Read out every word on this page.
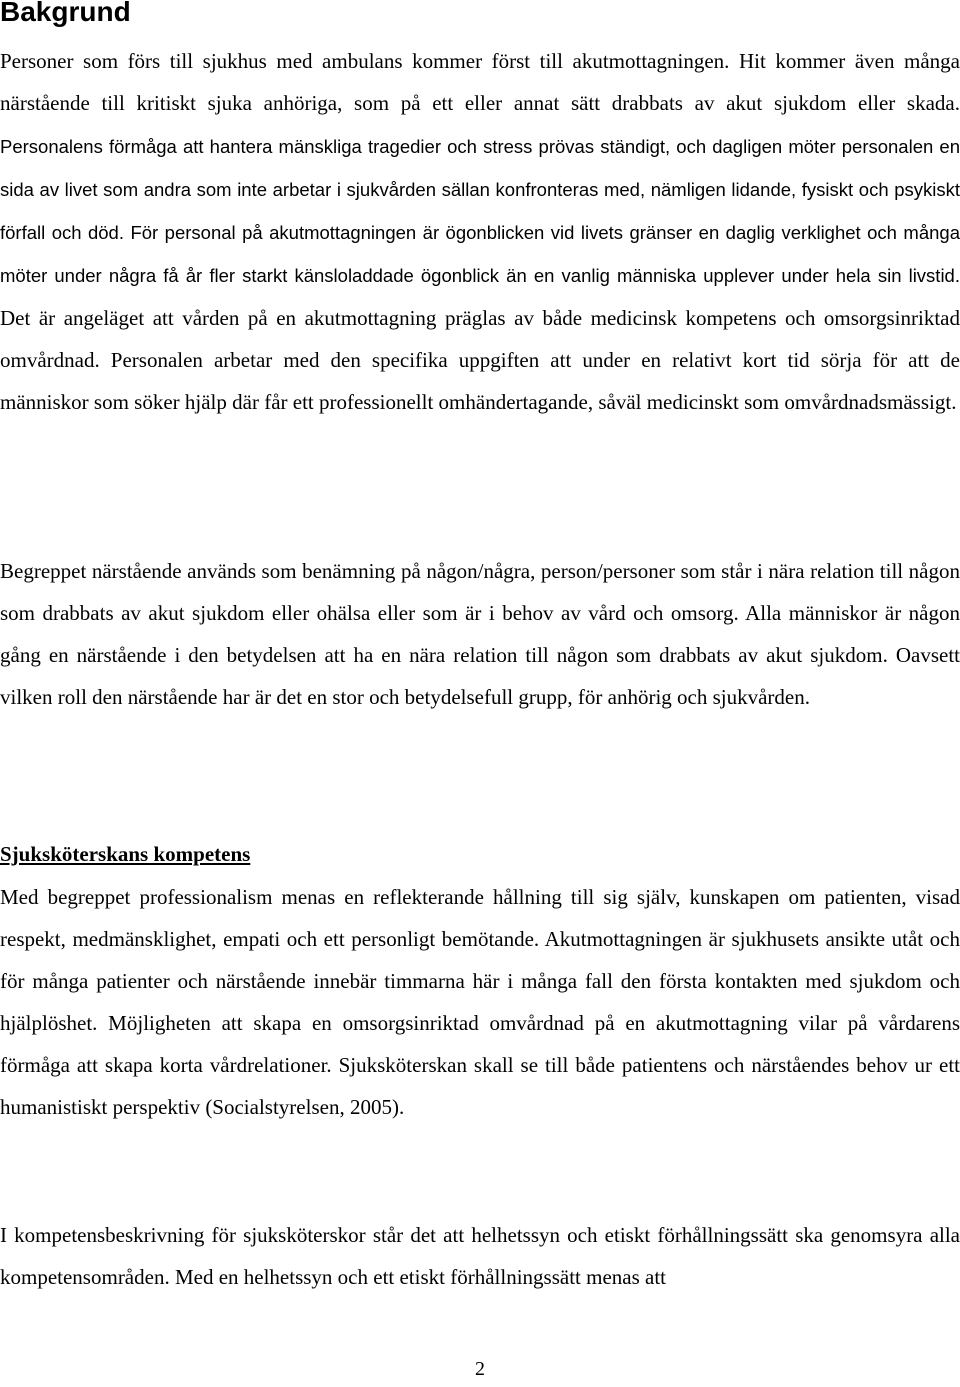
Bakgrund

Personer som förs till sjukhus med ambulans kommer först till akutmottagningen. Hit kommer även många närstående till kritiskt sjuka anhöriga, som på ett eller annat sätt drabbats av akut sjukdom eller skada. Personalens förmåga att hantera mänskliga tragedier och stress prövas ständigt, och dagligen möter personalen en sida av livet som andra som inte arbetar i sjukvården sällan konfronteras med, nämligen lidande, fysiskt och psykiskt förfall och död. För personal på akutmottagningen är ögonblicken vid livets gränser en daglig verklighet och många möter under några få år fler starkt känsloladdade ögonblick än en vanlig människa upplever under hela sin livstid. Det är angeläget att vården på en akutmottagning präglas av både medicinsk kompetens och omsorgsinriktad omvårdnad. Personalen arbetar med den specifika uppgiften att under en relativt kort tid sörja för att de människor som söker hjälp där får ett professionellt omhändertagande, såväl medicinskt som omvårdnadsmässigt.

Begreppet närstående används som benämning på någon/några, person/personer som står i nära relation till någon som drabbats av akut sjukdom eller ohälsa eller som är i behov av vård och omsorg. Alla människor är någon gång en närstående i den betydelsen att ha en nära relation till någon som drabbats av akut sjukdom. Oavsett vilken roll den närstående har är det en stor och betydelsefull grupp, för anhörig och sjukvården.

Sjuksköterskans kompetens

Med begreppet professionalism menas en reflekterande hållning till sig själv, kunskapen om patienten, visad respekt, medmänsklighet, empati och ett personligt bemötande. Akutmottagningen är sjukhusets ansikte utåt och för många patienter och närstående innebär timmarna här i många fall den första kontakten med sjukdom och hjälplöshet. Möjligheten att skapa en omsorgsinriktad omvårdnad på en akutmottagning vilar på vårdarens förmåga att skapa korta vårdrelationer. Sjuksköterskan skall se till både patientens och närståendes behov ur ett humanistiskt perspektiv (Socialstyrelsen, 2005).

I kompetensbeskrivning för sjuksköterskor står det att helhetssyn och etiskt förhållningssätt ska genomsyra alla kompetensområden. Med en helhetssyn och ett etiskt förhållningssätt menas att

2
